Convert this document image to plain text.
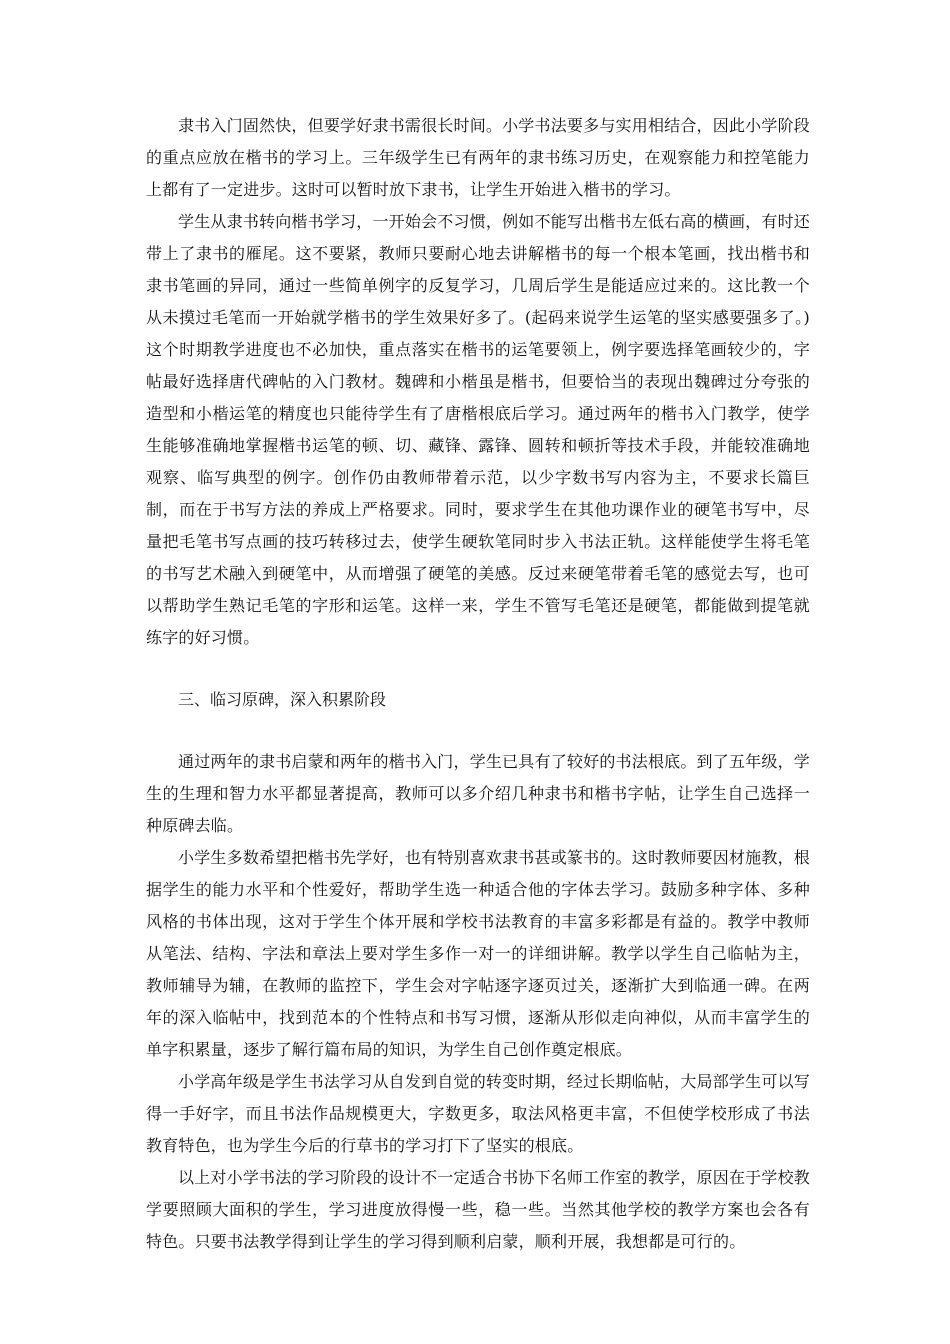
隶书入门固然快，但要学好隶书需很长时间。小学书法要多与实用相结合，因此小学阶段的重点应放在楷书的学习上。三年级学生已有两年的隶书练习历史，在观察能力和控笔能力上都有了一定进步。这时可以暂时放下隶书，让学生开始进入楷书的学习。

学生从隶书转向楷书学习，一开始会不习惯，例如不能写出楷书左低右高的横画，有时还带上了隶书的雁尾。这不要紧，教师只要耐心地去讲解楷书的每一个根本笔画，找出楷书和隶书笔画的异同，通过一些简单例字的反复学习，几周后学生是能适应过来的。这比教一个从未摸过毛笔而一开始就学楷书的学生效果好多了。(起码来说学生运笔的坚实感要强多了。)这个时期教学进度也不必加快，重点落实在楷书的运笔要领上，例字要选择笔画较少的，字帖最好选择唐代碑帖的入门教材。魏碑和小楷虽是楷书，但要恰当的表现出魏碑过分夸张的造型和小楷运笔的精度也只能待学生有了唐楷根底后学习。通过两年的楷书入门教学，使学生能够准确地掌握楷书运笔的顿、切、藏锋、露锋、圆转和顿折等技术手段，并能较准确地观察、临写典型的例字。创作仍由教师带着示范，以少字数书写内容为主，不要求长篇巨制，而在于书写方法的养成上严格要求。同时，要求学生在其他功课作业的硬笔书写中，尽量把毛笔书写点画的技巧转移过去，使学生硬软笔同时步入书法正轨。这样能使学生将毛笔的书写艺术融入到硬笔中，从而增强了硬笔的美感。反过来硬笔带着毛笔的感觉去写，也可以帮助学生熟记毛笔的字形和运笔。这样一来，学生不管写毛笔还是硬笔，都能做到提笔就练字的好习惯。

三、临习原碑，深入积累阶段

通过两年的隶书启蒙和两年的楷书入门，学生已具有了较好的书法根底。到了五年级，学生的生理和智力水平都显著提高，教师可以多介绍几种隶书和楷书字帖，让学生自己选择一种原碑去临。

小学生多数希望把楷书先学好，也有特别喜欢隶书甚或篆书的。这时教师要因材施教，根据学生的能力水平和个性爱好，帮助学生选一种适合他的字体去学习。鼓励多种字体、多种风格的书体出现，这对于学生个体开展和学校书法教育的丰富多彩都是有益的。教学中教师从笔法、结构、字法和章法上要对学生多作一对一的详细讲解。教学以学生自己临帖为主，教师辅导为辅，在教师的监控下，学生会对字帖逐字逐页过关，逐渐扩大到临通一碑。在两年的深入临帖中，找到范本的个性特点和书写习惯，逐渐从形似走向神似，从而丰富学生的单字积累量，逐步了解行篇布局的知识，为学生自己创作奠定根底。

小学高年级是学生书法学习从自发到自觉的转变时期，经过长期临帖，大局部学生可以写得一手好字，而且书法作品规模更大，字数更多，取法风格更丰富，不但使学校形成了书法教育特色，也为学生今后的行草书的学习打下了坚实的根底。

以上对小学书法的学习阶段的设计不一定适合书协下名师工作室的教学，原因在于学校教学要照顾大面积的学生，学习进度放得慢一些，稳一些。当然其他学校的教学方案也会各有特色。只要书法教学得到让学生的学习得到顺利启蒙，顺利开展，我想都是可行的。
